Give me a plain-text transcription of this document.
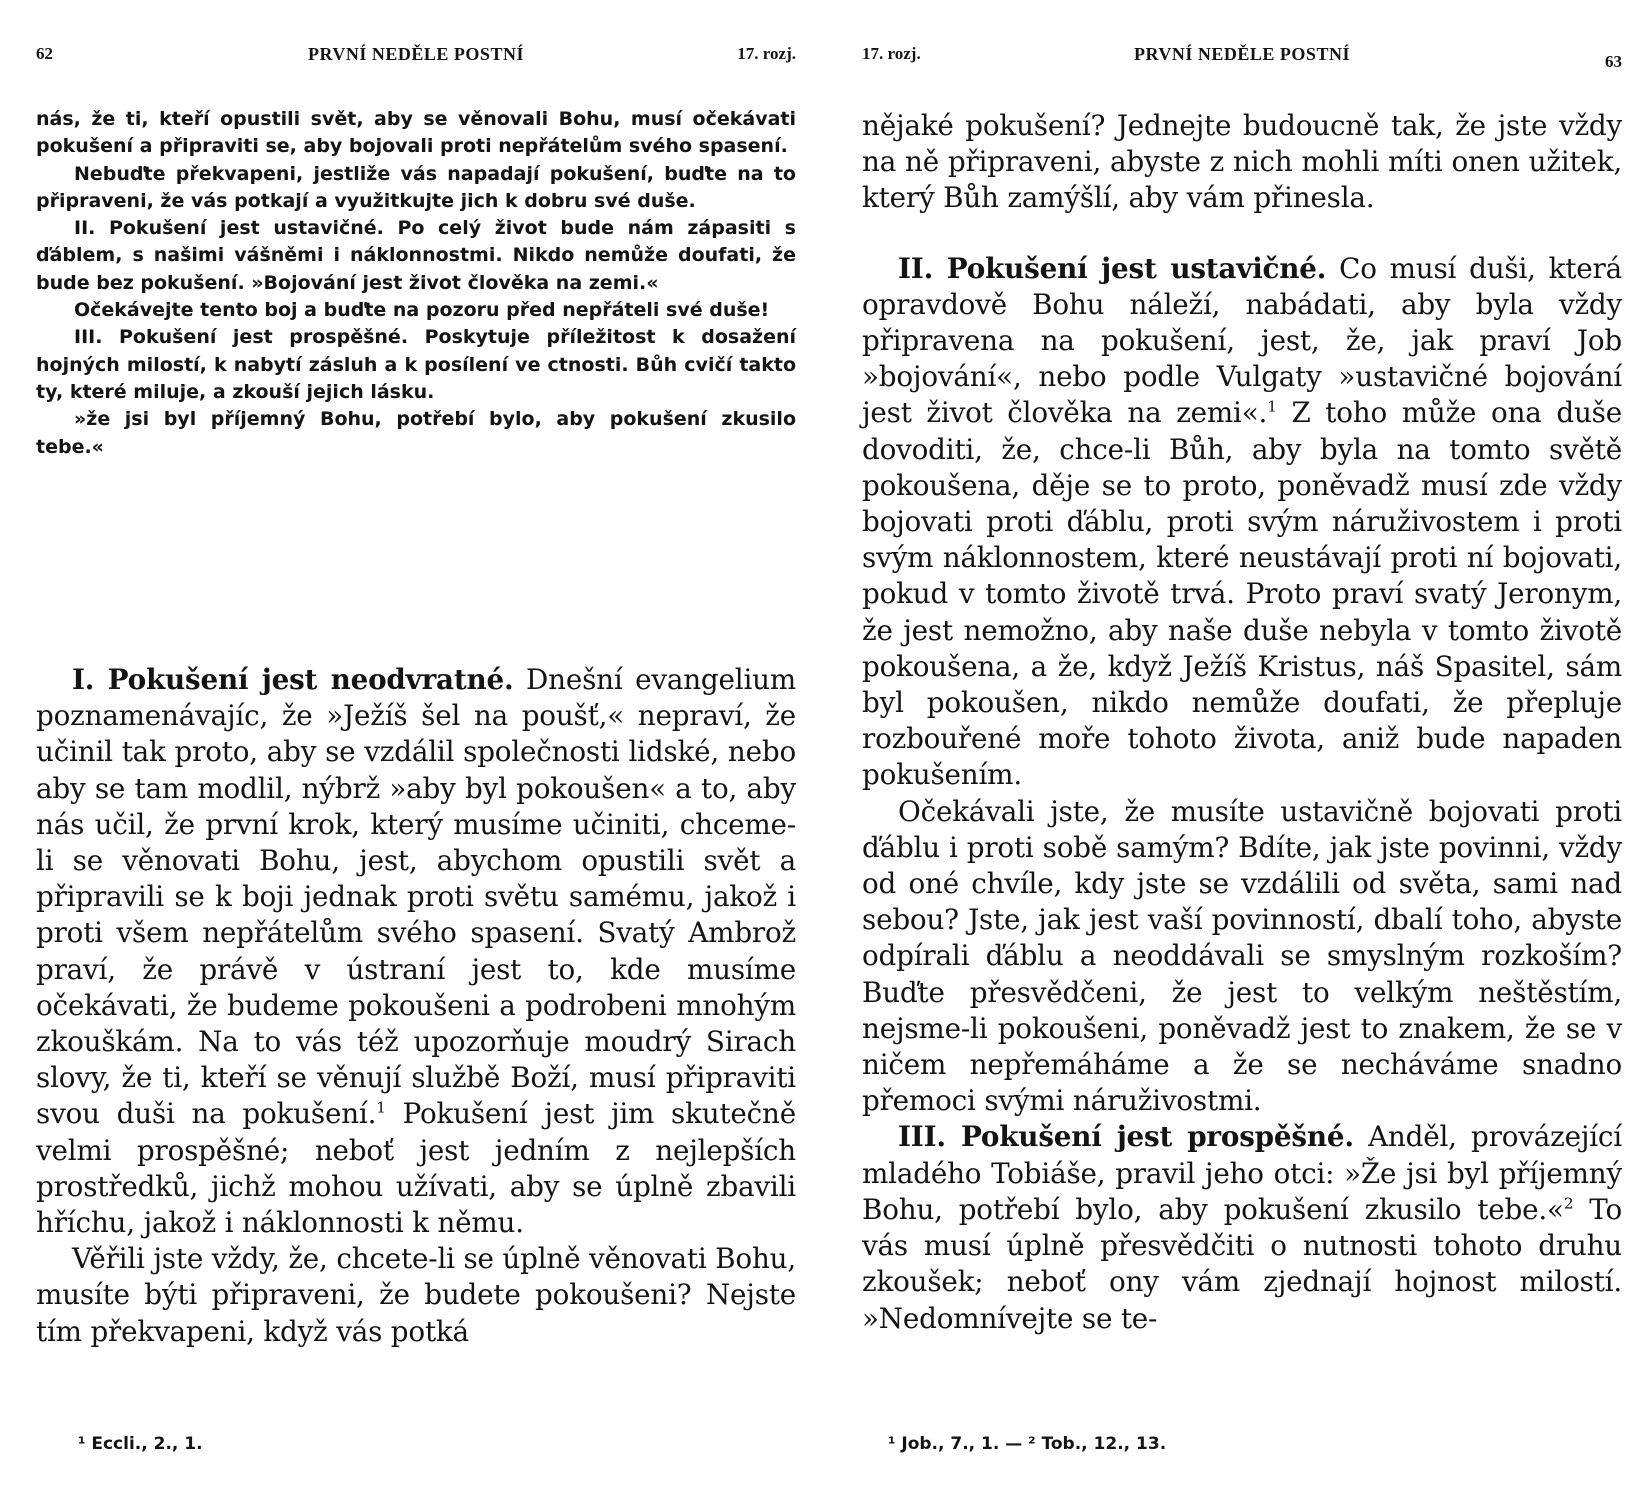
62	PRVNÍ NEDĚLE POSTNÍ	17. rozj.

nás, že ti, kteří opustili svět, aby se věnovali Bohu, musí očekávati pokušení a připraviti se, aby bojovali proti nepřátelům svého spasení.

Nebuďte překvapeni, jestliže vás napadají pokušení, buďte na to připraveni, že vás potkají a využitkujte jich k dobru své duše.

II. Pokušení jest ustavičné. Po celý život bude nám zápasiti s ďáblem, s našimi vášněmi i náklonnostmi. Nikdo nemůže doufati, že bude bez pokušení. »Bojování jest život člověka na zemi.«

Očekávejte tento boj a buďte na pozoru před nepřáteli své duše!

III. Pokušení jest prospěšné. Poskytuje příležitost k dosažení hojných milostí, k nabytí zásluh a k posílení ve ctnosti. Bůh cvičí takto ty, které miluje, a zkouší jejich lásku.

»že jsi byl příjemný Bohu, potřebí bylo, aby pokušení zkusilo tebe.«

I. Pokušení jest neodvratné. Dnešní evangelium poznamenávajíc, že »Ježíš šel na poušť,« nepraví, že učinil tak proto, aby se vzdálil společnosti lidské, nebo aby se tam modlil, nýbrž »aby byl pokoušen« a to, aby nás učil, že první krok, který musíme učiniti, chceme-li se věnovati Bohu, jest, abychom opustili svět a připravili se k boji jednak proti světu samému, jakož i proti všem nepřátelům svého spasení. Svatý Ambrož praví, že právě v ústraní jest to, kde musíme očekávati, že budeme pokoušeni a podrobeni mnohým zkouškám. Na to vás též upozorňuje moudrý Sirach slovy, že ti, kteří se věnují službě Boží, musí připraviti svou duši na pokušení.$^1$ Pokušení jest jim skutečně velmi prospěšné; neboť jest jedním z nejlepších prostředků, jichž mohou užívati, aby se úplně zbavili hříchu, jakož i náklonnosti k němu.

Věřili jste vždy, že, chcete-li se úplně věnovati Bohu, musíte býti připraveni, že budete pokoušeni? Nejste tím překvapeni, když vás potká

¹ Eccli., 2., 1.
17. rozj.	PRVNÍ NEDĚLE POSTNÍ	63

nějaké pokušení? Jednejte budoucně tak, že jste vždy na ně připraveni, abyste z nich mohli míti onen užitek, který Bůh zamýšlí, aby vám přinesla.

II. Pokušení jest ustavičné. Co musí duši, která opravdově Bohu náleží, nabádati, aby byla vždy připravena na pokušení, jest, že, jak praví Job »bojování«, nebo podle Vulgaty »ustavičné bojování jest život člověka na zemi«.$^1$ Z toho může ona duše dovoditi, že, chce-li Bůh, aby byla na tomto světě pokoušena, děje se to proto, poněvadž musí zde vždy bojovati proti ďáblu, proti svým náruživostem i proti svým náklonnostem, které neustávají proti ní bojovati, pokud v tomto životě trvá. Proto praví svatý Jeronym, že jest nemožno, aby naše duše nebyla v tomto životě pokoušena, a že, když Ježíš Kristus, náš Spasitel, sám byl pokoušen, nikdo nemůže doufati, že přepluje rozbouřené moře tohoto života, aniž bude napaden pokušením.

Očekávali jste, že musíte ustavičně bojovati proti ďáblu i proti sobě samým? Bdíte, jak jste povinni, vždy od oné chvíle, kdy jste se vzdálili od světa, sami nad sebou? Jste, jak jest vaší povinností, dbalí toho, abyste odpírali ďáblu a neoddávali se smyslným rozkoším? Buďte přesvědčeni, že jest to velkým neštěstím, nejsme-li pokoušeni, poněvadž jest to znakem, že se v ničem nepřemáháme a že se necháváme snadno přemoci svými náruživostmi.

III. Pokušení jest prospěšné. Anděl, provázející mladého Tobiáše, pravil jeho otci: »Že jsi byl příjemný Bohu, potřebí bylo, aby pokušení zkusilo tebe.«$^2$ To vás musí úplně přesvědčiti o nutnosti tohoto druhu zkoušek; neboť ony vám zjednají hojnost milostí. »Nedomnívejte se te-

¹ Job., 7., 1. — ² Tob., 12., 13.
